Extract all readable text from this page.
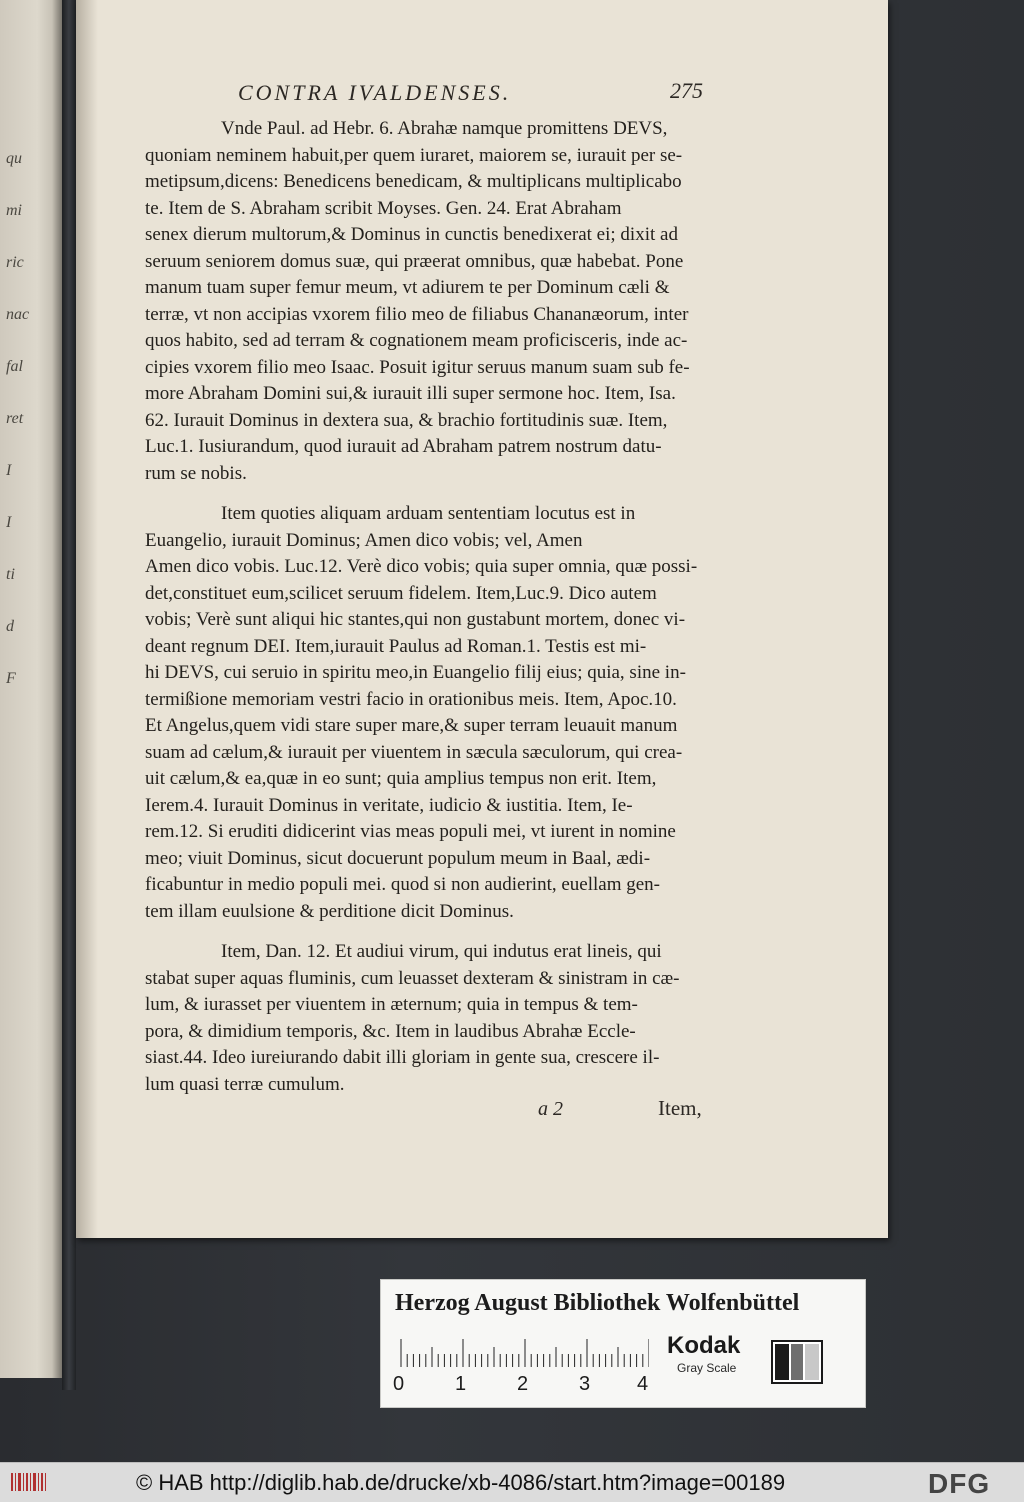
qu
mi
ric
nac
fal
ret
I
I
ti
d
F
CONTRA IVALDENSES.	275
Vnde Paul. ad Hebr. 6. Abrahæ namque promittens DEVS,
quoniam neminem habuit,per quem iuraret, maiorem se, iurauit per se-
metipsum,dicens: Benedicens benedicam, & multiplicans multiplicabo
te. Item de S. Abraham scribit Moyses. Gen. 24. Erat Abraham
senex dierum multorum,& Dominus in cunctis benedixerat ei; dixit ad
seruum seniorem domus suæ, qui præerat omnibus, quæ habebat. Pone
manum tuam super femur meum, vt adiurem te per Dominum cæli &
terræ, vt non accipias vxorem filio meo de filiabus Chananæorum, inter
quos habito, sed ad terram & cognationem meam proficisceris, inde ac-
cipies vxorem filio meo Isaac. Posuit igitur seruus manum suam sub fe-
more Abraham Domini sui,& iurauit illi super sermone hoc. Item, Isa.
62. Iurauit Dominus in dextera sua, & brachio fortitudinis suæ. Item,
Luc.1. Iusiurandum, quod iurauit ad Abraham patrem nostrum datu-
rum se nobis.
Item quoties aliquam arduam sententiam locutus est in
Euangelio, iurauit Dominus; Amen dico vobis; vel, Amen
Amen dico vobis. Luc.12. Verè dico vobis; quia super omnia, quæ possi-
det,constituet eum,scilicet seruum fidelem. Item,Luc.9. Dico autem
vobis; Verè sunt aliqui hic stantes,qui non gustabunt mortem, donec vi-
deant regnum DEI. Item,iurauit Paulus ad Roman.1. Testis est mi-
hi DEVS, cui seruio in spiritu meo,in Euangelio filij eius; quia, sine in-
termißione memoriam vestri facio in orationibus meis. Item, Apoc.10.
Et Angelus,quem vidi stare super mare,& super terram leuauit manum
suam ad cælum,& iurauit per viuentem in sæcula sæculorum, qui crea-
uit cælum,& ea,quæ in eo sunt; quia amplius tempus non erit. Item,
Ierem.4. Iurauit Dominus in veritate, iudicio & iustitia. Item, Ie-
rem.12. Si eruditi didicerint vias meas populi mei, vt iurent in nomine
meo; viuit Dominus, sicut docuerunt populum meum in Baal, ædi-
ficabuntur in medio populi mei. quod si non audierint, euellam gen-
tem illam euulsione & perditione dicit Dominus.
Item, Dan. 12. Et audiui virum, qui indutus erat lineis, qui
stabat super aquas fluminis, cum leuasset dexteram & sinistram in cæ-
lum, & iurasset per viuentem in æternum; quia in tempus & tem-
pora, & dimidium temporis, &c. Item in laudibus Abrahæ Eccle-
siast.44. Ideo iureiurando dabit illi gloriam in gente sua, crescere il-
lum quasi terræ cumulum.
a 2	Item,
Herzog August Bibliothek Wolfenbüttel
0	1	2	3 4
Kodak
Gray Scale
© HAB http://diglib.hab.de/drucke/xb-4086/start.htm?image=00189	DFG
